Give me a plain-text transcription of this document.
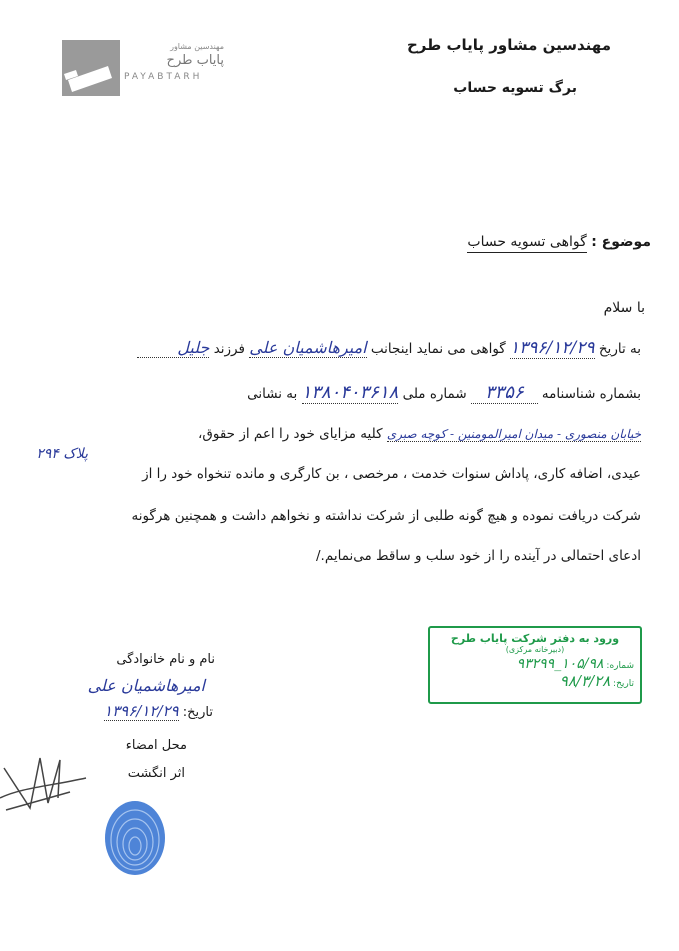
مهندسین مشاور
پایاب طرح
PAYABTARH
مهندسین مشاور پایاب طرح
برگ تسویه حساب
موضوع : گواهی تسویه حساب
با سلام
به تاریخ ۱۳۹۶/۱۲/۲۹ گواهی می نماید اینجانب امیرهاشمیان علی فرزند جلیل
بشماره شناسنامه ۳۳۵۶ شماره ملی ۱۳۸۰۴۰۳۶۱۸ به نشانی
خیابان منصوری - میدان امیرالمومنین - کوچه صبری کلیه مزایای خود را اعم از حقوق،
پلاک ۲۹۴
عیدی، اضافه کاری، پاداش سنوات خدمت ، مرخصی ، بن کارگری و مانده تنخواه خود را از
شرکت دریافت نموده و هیچ گونه طلبی از شرکت نداشته و نخواهم داشت و همچنین هرگونه
ادعای احتمالی در آینده را از خود سلب و ساقط می‌نمایم./
ورود به دفتر شرکت پایاب طرح
(دبیرخانه مرکزی)
شماره: ۱۰۵/۹۸_۹۳۲۹۹
تاریخ: ۹۸/۳/۲۸
نام و نام خانوادگی
امیرهاشمیان علی
تاریخ: ۱۳۹۶/۱۲/۲۹
محل امضاء
اثر انگشت
